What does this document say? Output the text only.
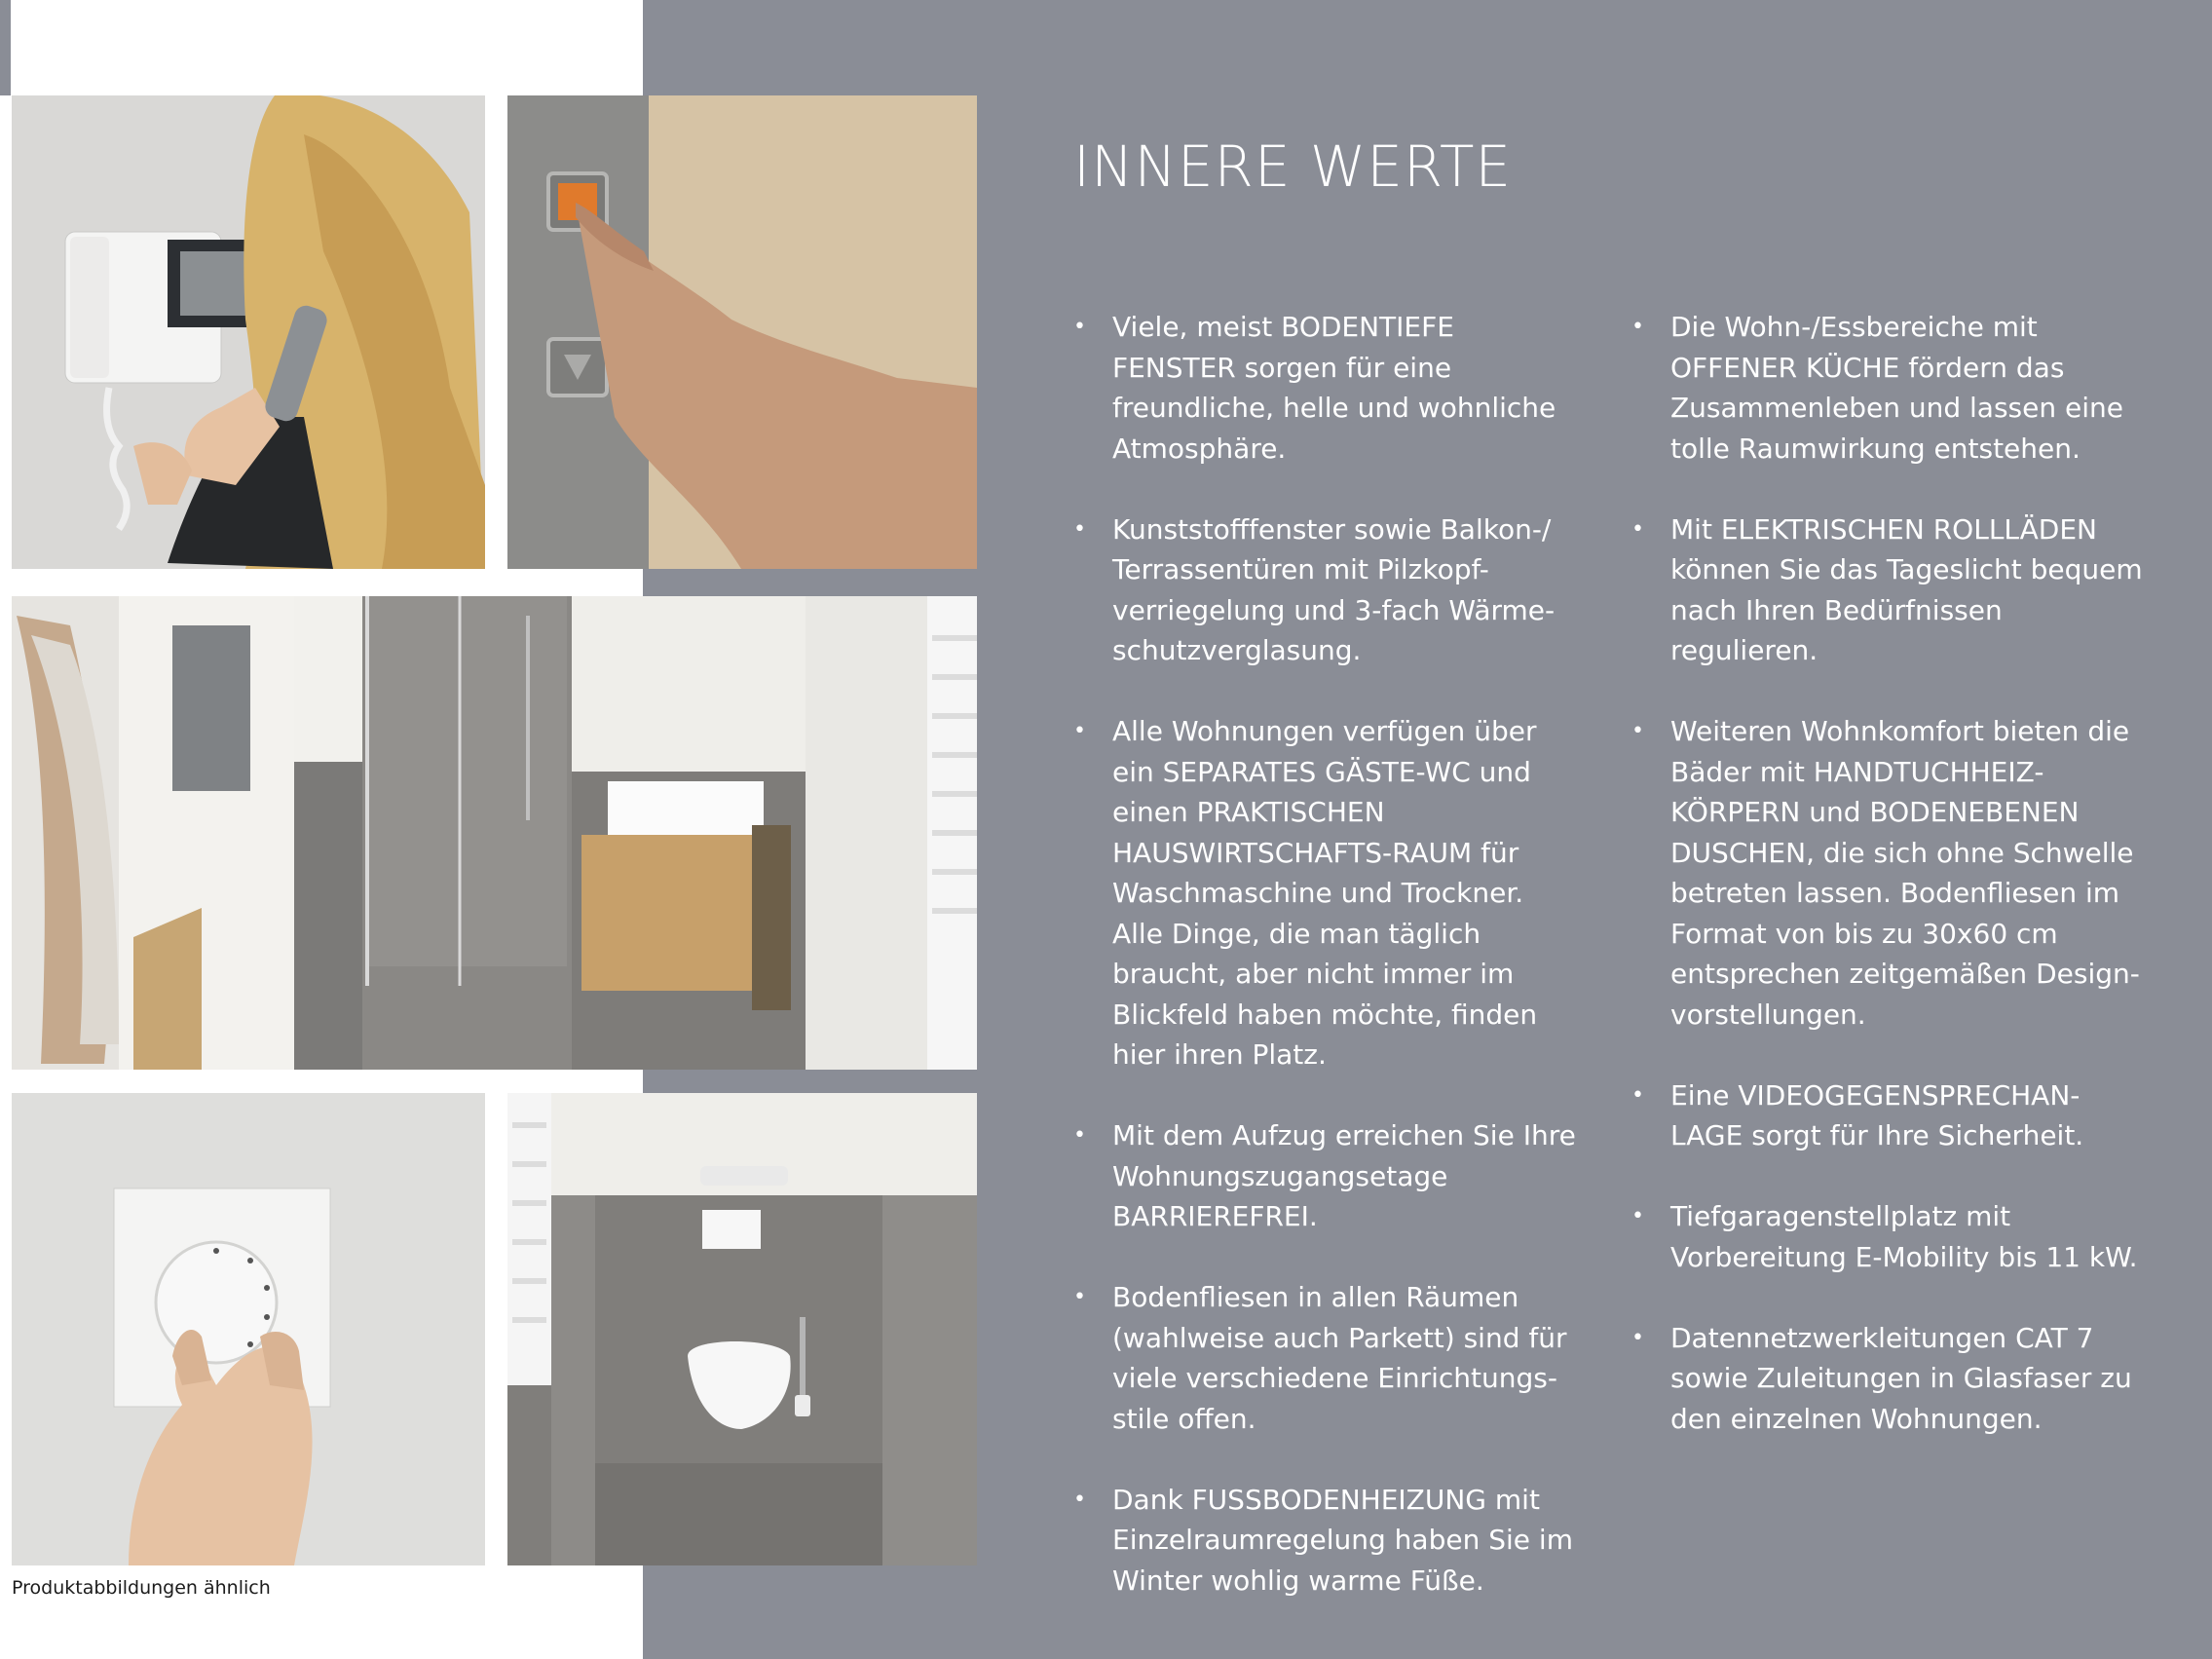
INNERE WERTE
• Viele, meist BODENTIEFE FENSTER sorgen für eine freundliche, helle und wohnliche Atmosphäre.
• Kunststofffenster sowie Balkon-/ Terrassentüren mit Pilzkopf-verriegelung und 3-fach Wärme-schutzverglasung.
• Alle Wohnungen verfügen über ein SEPARATES GÄSTE-WC und einen PRAKTISCHEN HAUSWIRTSCHAFTS-RAUM für Waschmaschine und Trockner. Alle Dinge, die man täglich braucht, aber nicht immer im Blickfeld haben möchte, finden hier ihren Platz.
• Mit dem Aufzug erreichen Sie Ihre Wohnungszugangsetage BARRIEREFREI.
• Bodenfliesen in allen Räumen (wahlweise auch Parkett) sind für viele verschiedene Einrichtungs-stile offen.
• Dank FUSSBODENHEIZUNG mit Einzelraumregelung haben Sie im Winter wohlig warme Füße.
• Die Wohn-/Essbereiche mit OFFENER KÜCHE fördern das Zusammenleben und lassen eine tolle Raumwirkung entstehen.
• Mit ELEKTRISCHEN ROLLLÄDEN können Sie das Tageslicht bequem nach Ihren Bedürfnissen regulieren.
• Weiteren Wohnkomfort bieten die Bäder mit HANDTUCHHEIZ-KÖRPERN und BODENEBENEN DUSCHEN, die sich ohne Schwelle betreten lassen. Bodenfliesen im Format von bis zu 30x60 cm entsprechen zeitgemäßen Design-vorstellungen.
• Eine VIDEOGEGENSPRECHAN-LAGE sorgt für Ihre Sicherheit.
• Tiefgaragenstellplatz mit Vorbereitung E-Mobility bis 11 kW.
• Datennetzwerkleitungen CAT 7 sowie Zuleitungen in Glasfaser zu den einzelnen Wohnungen.

Produktabbildungen ähnlich
